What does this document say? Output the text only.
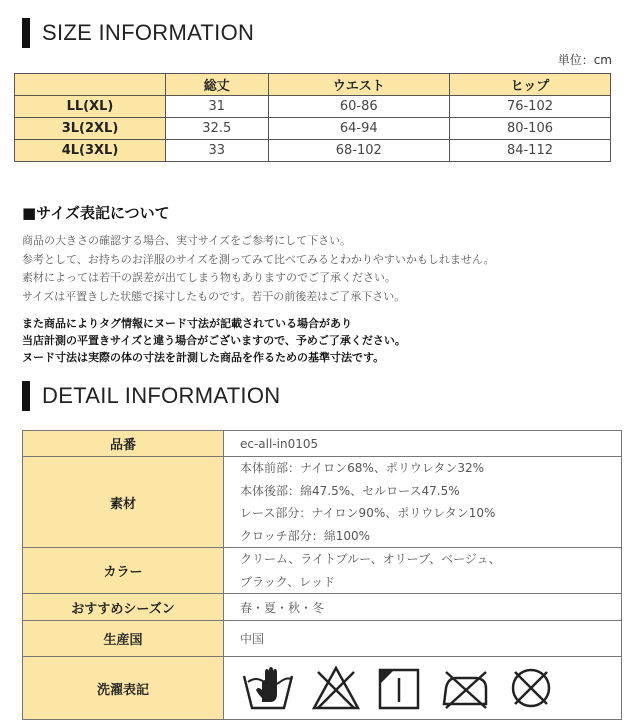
SIZE INFORMATION
単位：cm
	総丈	ウエスト	ヒップ
LL(XL)	31	60-86	76-102
3L(2XL)	32.5	64-94	80-106
4L(3XL)	33	68-102	84-112
■サイズ表記について
商品の大きさの確認する場合、実寸サイズをご参考にして下さい。
参考として、お持ちのお洋服のサイズを測ってみて比べてみるとわかりやすいかもしれません。
素材によっては若干の誤差が出てしまう物もありますのでご了承ください。
サイズは平置きした状態で採寸したものです。若干の前後差はご了承下さい。
また商品によりタグ情報にヌード寸法が記載されている場合があり
当店計測の平置きサイズと違う場合がございますので、予めご了承ください。
ヌード寸法は実際の体の寸法を計測した商品を作るための基準寸法です。
DETAIL INFORMATION
品番	ec-all-in0105
素材	本体前部：ナイロン68%、ポリウレタン32%
本体後部：綿47.5%、セルロース47.5%
レース部分：ナイロン90%、ポリウレタン10%
クロッチ部分：綿100%

カラー	クリーム、ライトブルー、オリーブ、ベージュ、
ブラック、レッド

おすすめシーズン	春・夏・秋・冬
生産国	中国
洗濯表記	
